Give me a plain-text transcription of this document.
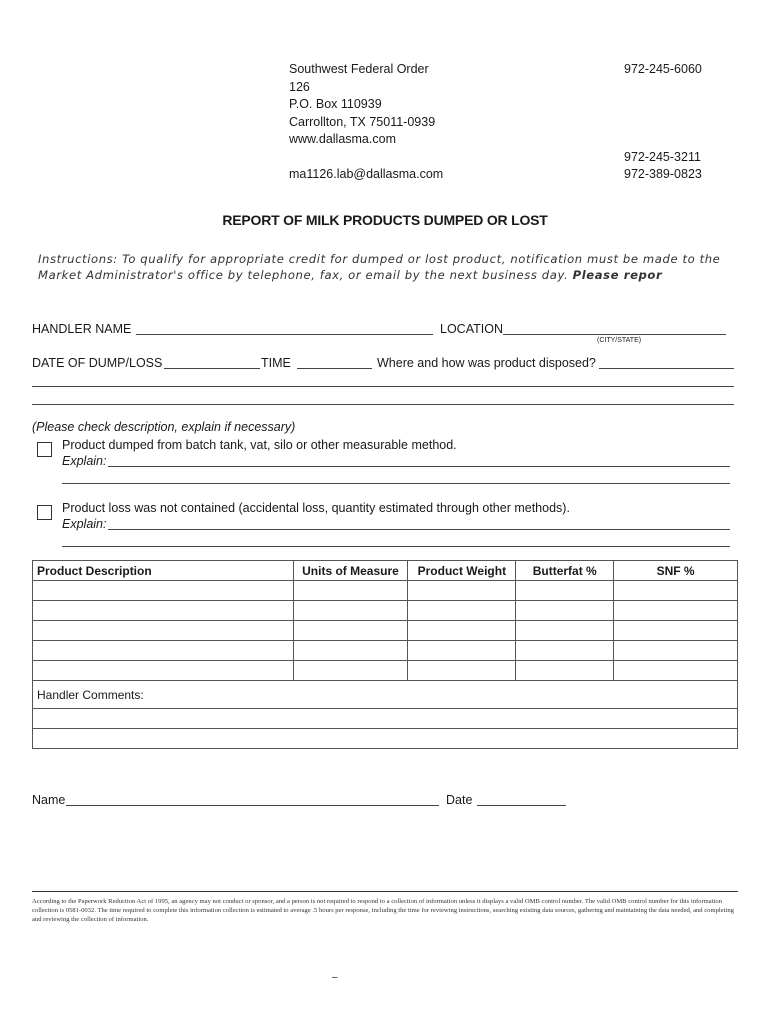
Southwest Federal Order
126
P.O. Box 110939
Carrollton, TX 75011-0939
www.dallasma.com
ma1126.lab@dallasma.com
972-245-6060
972-245-3211
972-389-0823
REPORT OF MILK PRODUCTS DUMPED OR LOST
Instructions: To qualify for appropriate credit for dumped or lost product, notification must be made to the
Market Administrator's office by telephone, fax, or email by the next business day. Please repor
HANDLER NAME	LOCATION
(CITY/STATE)
DATE OF DUMP/LOSS	TIME	Where and how was product disposed?
(Please check description, explain if necessary)
Product dumped from batch tank, vat, silo or other measurable method.
Explain:
Product loss was not contained (accidental loss, quantity estimated through other methods).
Explain:
Product Description	Units of Measure	Product Weight	Butterfat %	SNF %

Handler Comments:				

Name	Date
According to the Paperwork Reduction Act of 1995, an agency may not conduct or sponsor, and a person is not required to respond to a collection of information unless it displays a valid OMB control number. The valid OMB control number for this information collection is 0581-0032. The time required to complete this information collection is estimated to average .5 hours per response, including the time for reviewing instructions, searching existing data sources, gathering and maintaining the data needed, and completing and reviewing the collection of information.
–
